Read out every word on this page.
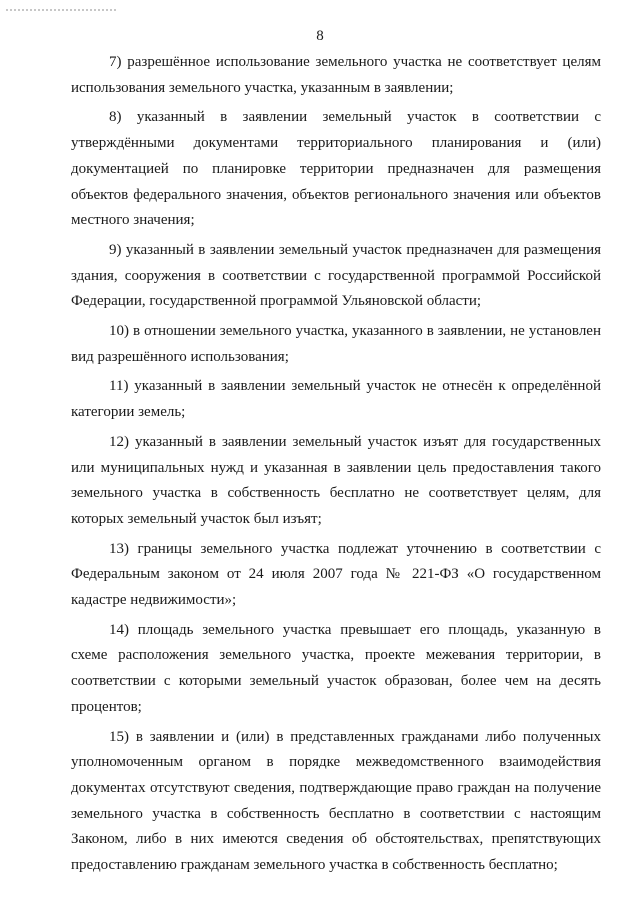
8

7) разрешённое использование земельного участка не соответствует целям использования земельного участка, указанным в заявлении;

8) указанный в заявлении земельный участок в соответствии с утверждёнными документами территориального планирования и (или) документацией по планировке территории предназначен для размещения объектов федерального значения, объектов регионального значения или объектов местного значения;

9) указанный в заявлении земельный участок предназначен для размещения здания, сооружения в соответствии с государственной программой Российской Федерации, государственной программой Ульяновской области;

10) в отношении земельного участка, указанного в заявлении, не установлен вид разрешённого использования;

11) указанный в заявлении земельный участок не отнесён к определённой категории земель;

12) указанный в заявлении земельный участок изъят для государственных или муниципальных нужд и указанная в заявлении цель предоставления такого земельного участка в собственность бесплатно не соответствует целям, для которых земельный участок был изъят;

13) границы земельного участка подлежат уточнению в соответствии с Федеральным законом от 24 июля 2007 года № 221-ФЗ «О государственном кадастре недвижимости»;

14) площадь земельного участка превышает его площадь, указанную в схеме расположения земельного участка, проекте межевания территории, в соответствии с которыми земельный участок образован, более чем на десять процентов;

15) в заявлении и (или) в представленных гражданами либо полученных уполномоченным органом в порядке межведомственного взаимодействия документах отсутствуют сведения, подтверждающие право граждан на получение земельного участка в собственность бесплатно в соответствии с настоящим Законом, либо в них имеются сведения об обстоятельствах, препятствующих предоставлению гражданам земельного участка в собственность бесплатно;
